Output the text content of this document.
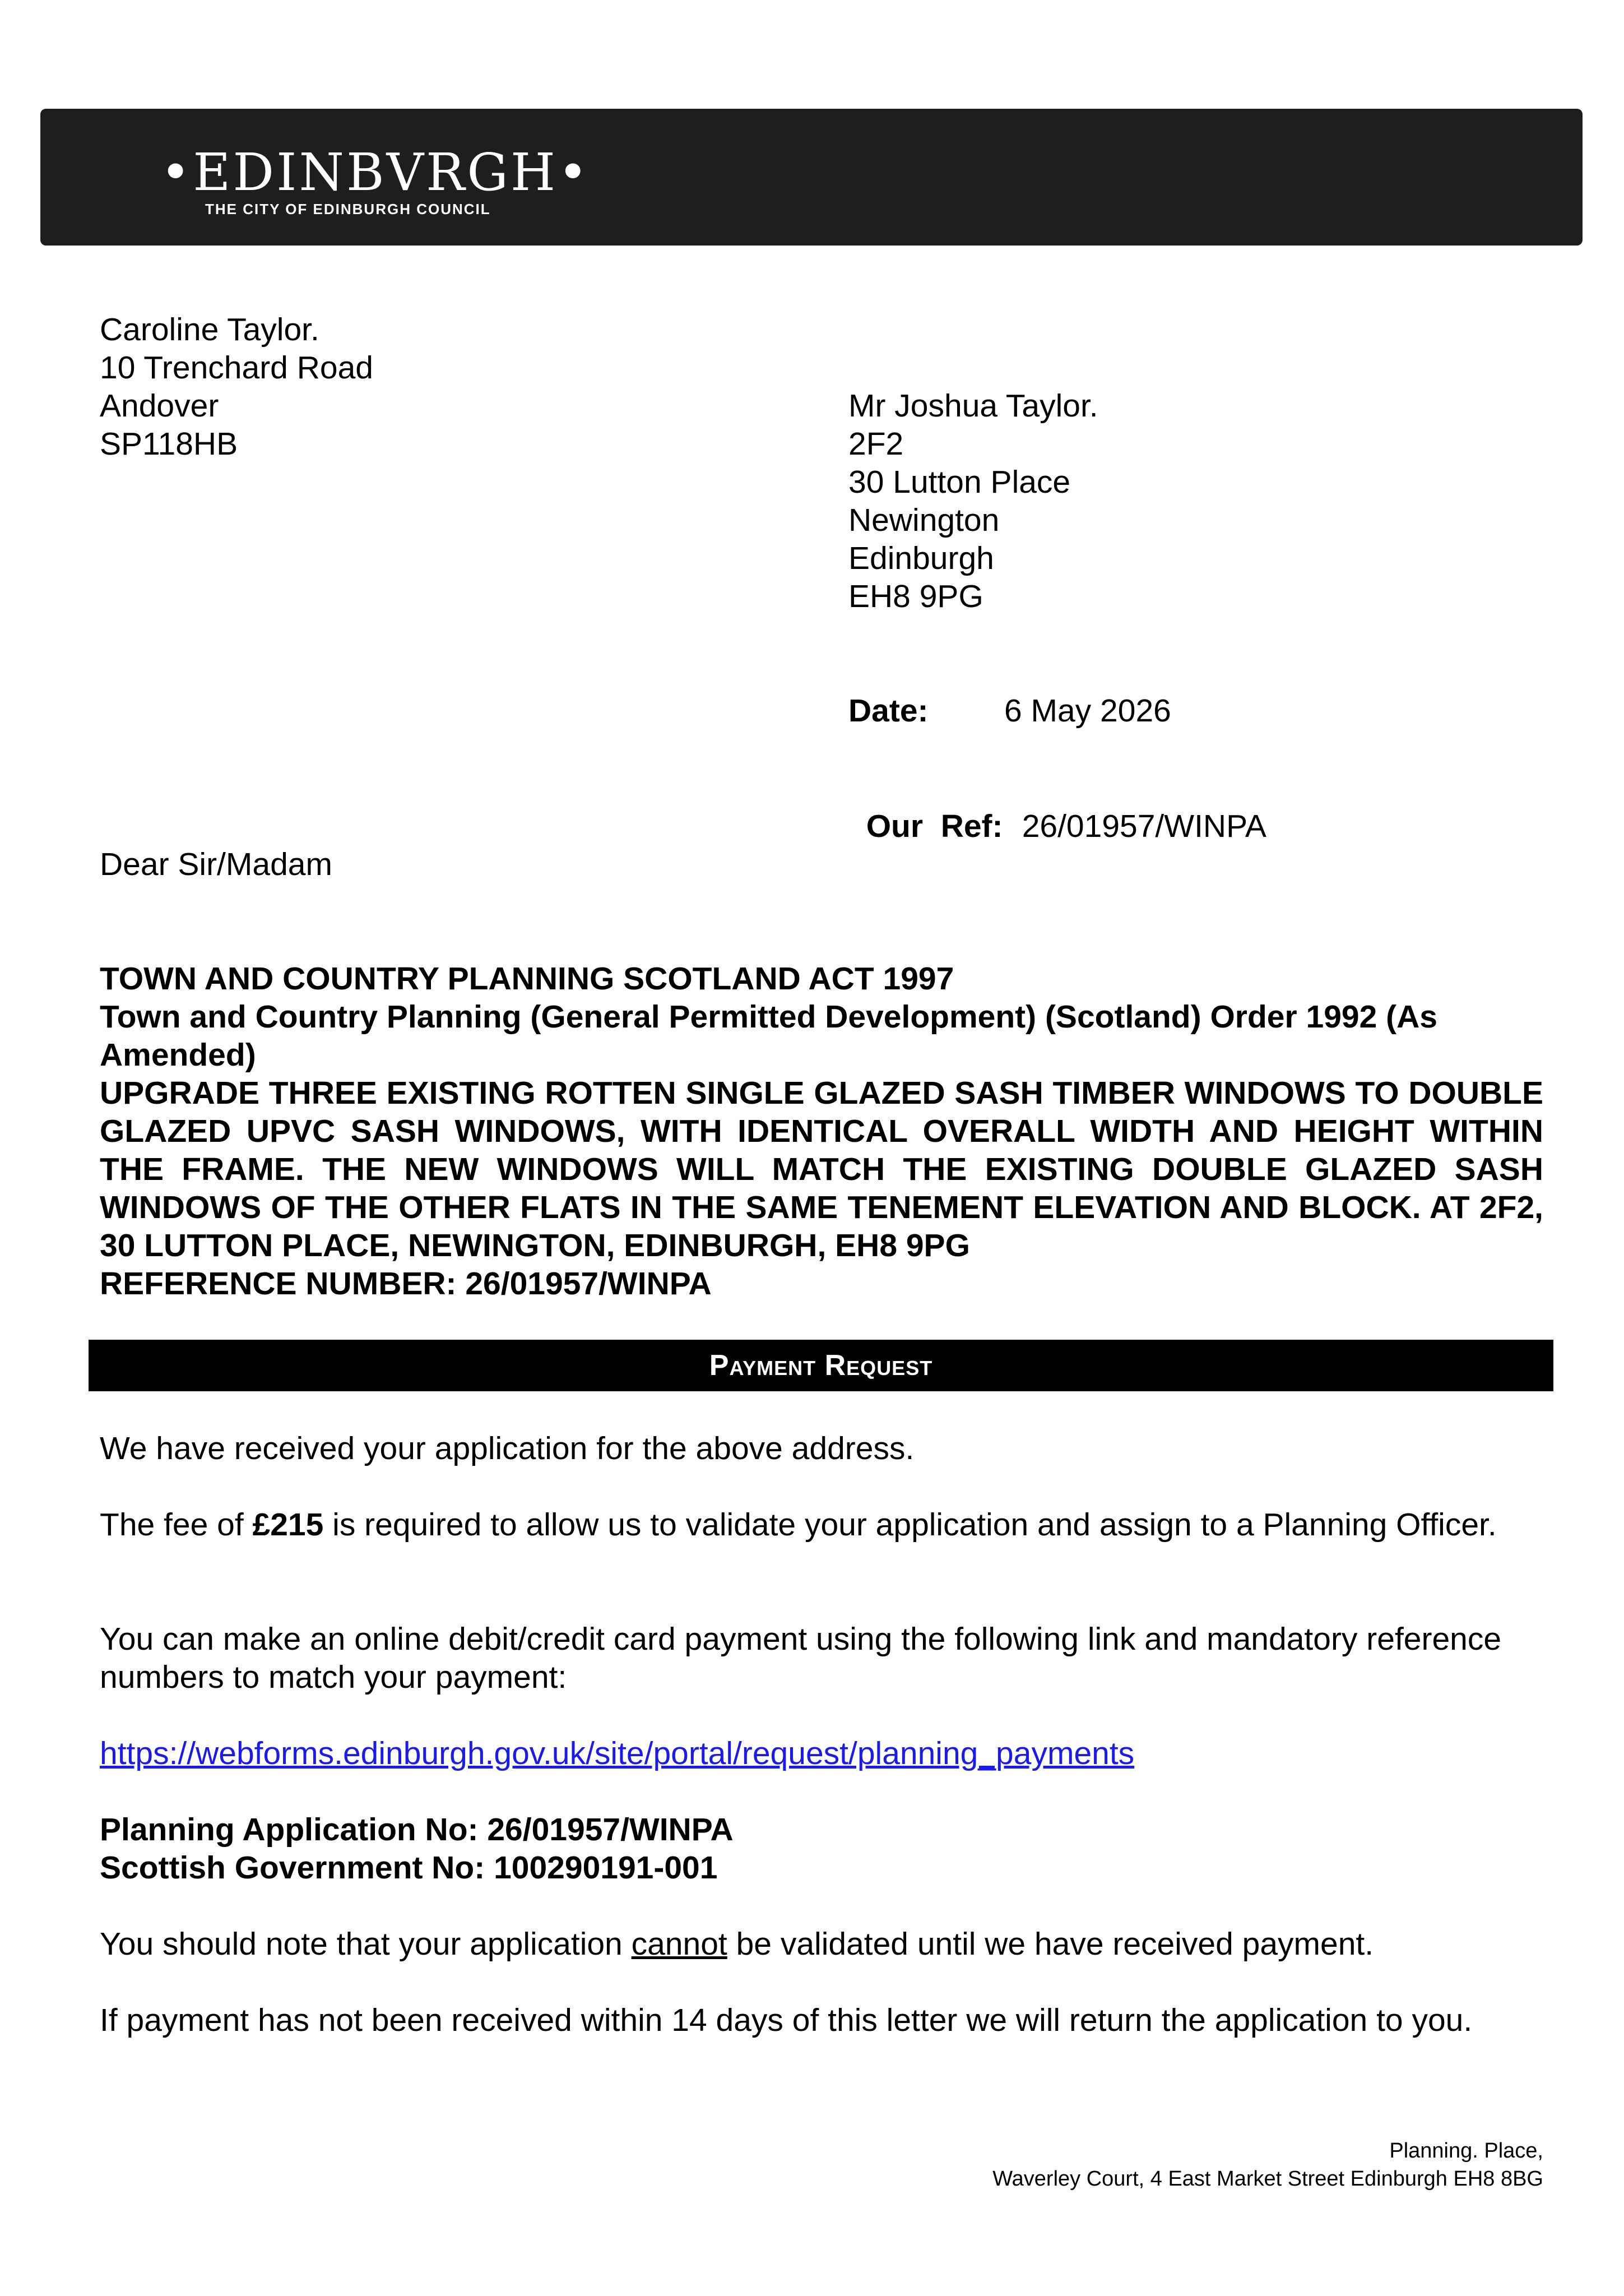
•EDINBVRGH•
THE CITY OF EDINBURGH COUNCIL
Caroline Taylor.
10 Trenchard Road
Andover
SP118HB
Mr Joshua Taylor.
2F2
30 Lutton Place
Newington
Edinburgh
EH8 9PG
Date: 6 May 2026

Our  Ref: 26/01957/WINPA

Dear Sir/Madam
TOWN AND COUNTRY PLANNING SCOTLAND ACT 1997
Town and Country Planning (General Permitted Development) (Scotland) Order 1992 (As Amended)
UPGRADE THREE EXISTING ROTTEN SINGLE GLAZED SASH TIMBER WINDOWS TO DOUBLE GLAZED UPVC SASH WINDOWS, WITH IDENTICAL OVERALL WIDTH AND HEIGHT WITHIN THE FRAME. THE NEW WINDOWS WILL MATCH THE EXISTING DOUBLE GLAZED SASH WINDOWS OF THE OTHER FLATS IN THE SAME TENEMENT ELEVATION AND BLOCK. AT 2F2, 30 LUTTON PLACE, NEWINGTON, EDINBURGH, EH8 9PG
REFERENCE NUMBER: 26/01957/WINPA
Payment Request
We have received your application for the above address.
The fee of £215 is required to allow us to validate your application and assign to a Planning Officer.
You can make an online debit/credit card payment using the following link and mandatory reference numbers to match your payment:
https://webforms.edinburgh.gov.uk/site/portal/request/planning_payments
Planning Application No: 26/01957/WINPA
Scottish Government No: 100290191-001
You should note that your application cannot be validated until we have received payment.
If payment has not been received within 14 days of this letter we will return the application to you.
Planning. Place,
Waverley Court, 4 East Market Street Edinburgh EH8 8BG
